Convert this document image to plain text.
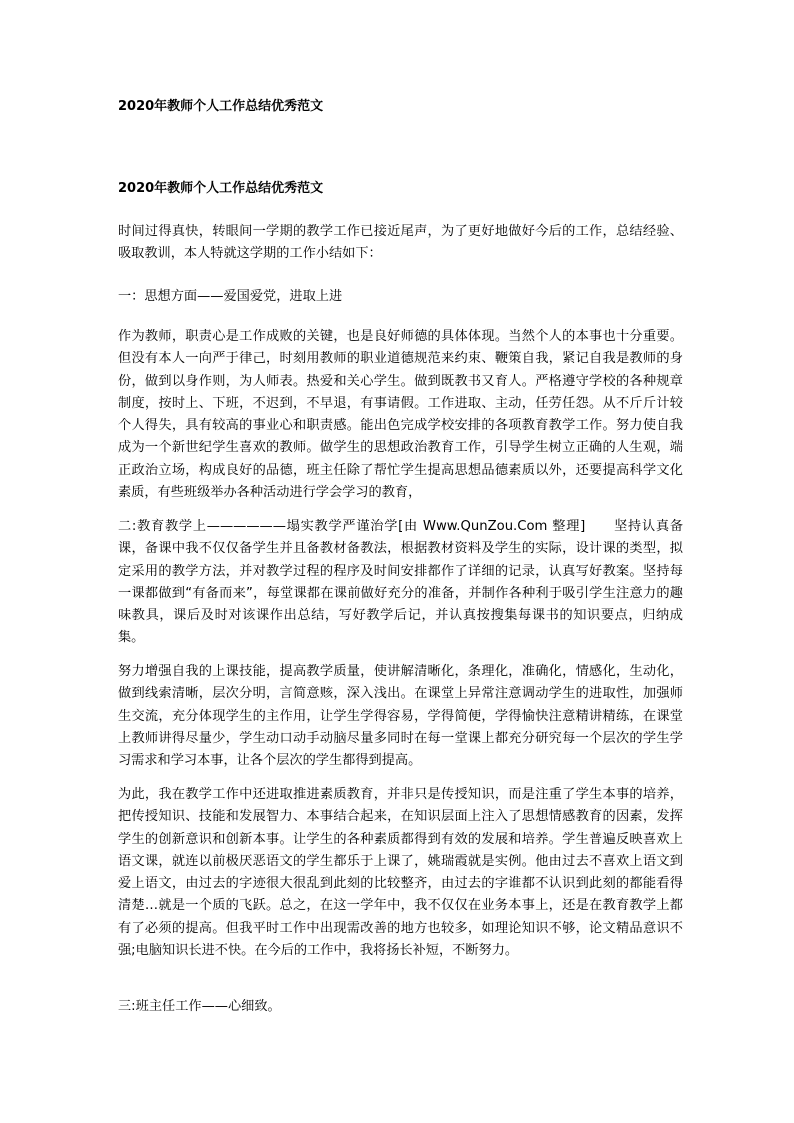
2020年教师个人工作总结优秀范文
2020年教师个人工作总结优秀范文

时间过得真快，转眼间一学期的教学工作已接近尾声，为了更好地做好今后的工作，总结经验、吸取教训，本人特就这学期的工作小结如下：

一：思想方面——爱国爱党，进取上进

作为教师，职责心是工作成败的关键，也是良好师德的具体体现。当然个人的本事也十分重要。但没有本人一向严于律己，时刻用教师的职业道德规范来约束、鞭策自我，紧记自我是教师的身份，做到以身作则，为人师表。热爱和关心学生。做到既教书又育人。严格遵守学校的各种规章制度，按时上、下班，不迟到，不早退，有事请假。工作进取、主动，任劳任怨。从不斤斤计较个人得失，具有较高的事业心和职责感。能出色完成学校安排的各项教育教学工作。努力使自我成为一个新世纪学生喜欢的教师。做学生的思想政治教育工作，引导学生树立正确的人生观，端正政治立场，构成良好的品德，班主任除了帮忙学生提高思想品德素质以外，还要提高科学文化素质，有些班级举办各种活动进行学会学习的教育，

二:教育教学上——————塌实教学严谨治学[由 Www.QunZou.Com 整理] 坚持认真备课，备课中我不仅仅备学生并且备教材备教法，根据教材资料及学生的实际，设计课的类型，拟定采用的教学方法，并对教学过程的程序及时间安排都作了详细的记录，认真写好教案。坚持每一课都做到“有备而来”，每堂课都在课前做好充分的准备，并制作各种利于吸引学生注意力的趣味教具，课后及时对该课作出总结，写好教学后记，并认真按搜集每课书的知识要点，归纳成集。

努力增强自我的上课技能，提高教学质量，使讲解清晰化，条理化，准确化，情感化，生动化，做到线索清晰，层次分明，言简意赅，深入浅出。在课堂上异常注意调动学生的进取性，加强师生交流，充分体现学生的主作用，让学生学得容易，学得简便，学得愉快注意精讲精练，在课堂上教师讲得尽量少，学生动口动手动脑尽量多同时在每一堂课上都充分研究每一个层次的学生学习需求和学习本事，让各个层次的学生都得到提高。

为此，我在教学工作中还进取推进素质教育，并非只是传授知识，而是注重了学生本事的培养，把传授知识、技能和发展智力、本事结合起来，在知识层面上注入了思想情感教育的因素，发挥学生的创新意识和创新本事。让学生的各种素质都得到有效的发展和培养。学生普遍反映喜欢上语文课，就连以前极厌恶语文的学生都乐于上课了，姚瑞霞就是实例。他由过去不喜欢上语文到爱上语文，由过去的字迹很大很乱到此刻的比较整齐，由过去的字谁都不认识到此刻的都能看得清楚…就是一个质的飞跃。总之，在这一学年中，我不仅仅在业务本事上，还是在教育教学上都有了必须的提高。但我平时工作中出现需改善的地方也较多，如理论知识不够，论文精品意识不强;电脑知识长进不快。在今后的工作中，我将扬长补短，不断努力。

三:班主任工作——心细致。
